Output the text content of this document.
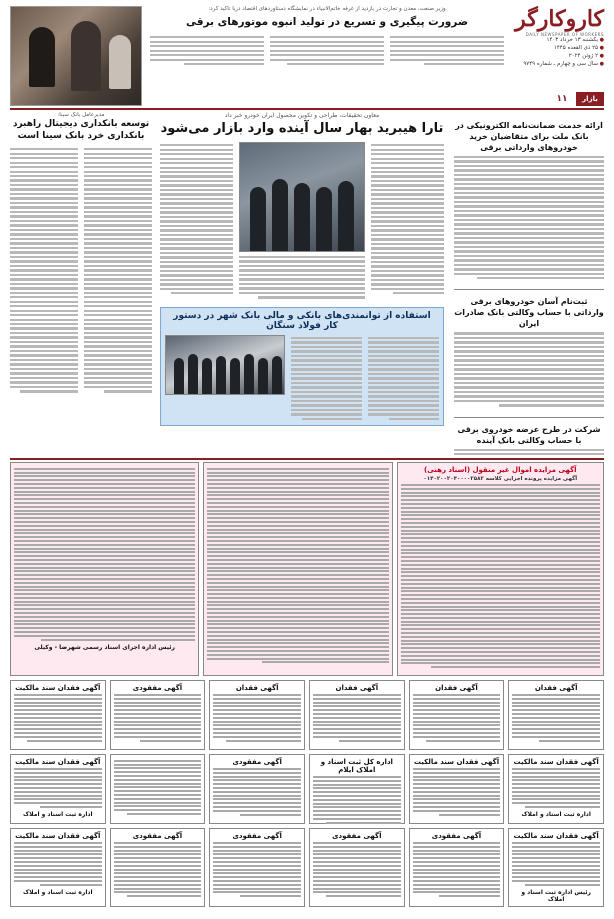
کاروکارگر
DAILY NEWSPAPER OF WORKERS
● یکشنبه ۱۳ خرداد ۱۴۰۳
● ۲۵ ذی القعده ۱۴۴۵
● ۲ ژوئن ۲۰۲۴
● سال سی و چهارم ـ شماره ۹۷۴۹
بازار
۱۱
وزیر صنعت، معدن و تجارت در بازدید از غرفه خاتم‌الانبیاء در نمایشگاه دستاوردهای اقتصاد دریا تاکید کرد:
ضرورت پیگیری و تسریع در تولید انبوه موتورهای برقی
ارائه خدمت ضمانت‌نامه الکترونیکی در بانک ملت برای متقاضیان خرید خودروهای وارداتی برقی
ثبت‌نام آسان خودروهای برقی وارداتی با حساب وکالتی بانک صادرات ایران
شرکت در طرح عرضه خودروی برقی با حساب وکالتی بانک آینده
معاون تحقیقات، طراحی و تکوین محصول ایران خودرو خبر داد
تارا هیبرید بهار سال آینده وارد بازار می‌شود
استفاده از توانمندی‌های بانکی و مالی بانک شهر در دستور کار فولاد سنگان
مدیرعامل بانک سینا:
توسعه بانکداری دیجیتال راهبرد بانکداری خرد بانک سینا است
آگهی مزایده اموال غیر منقول (اسناد رهنی)
آگهی مزایده پرونده اجرایی کلاسه ۰۱۴۰۲۰۰۲۰۴۰۰۰۰۲۵۸۲
رئیس اداره اجرای اسناد رسمی شهرضا - وکیلی
آگهی فقدان
آگهی فقدان
آگهی فقدان
آگهی فقدان
آگهی مفقودی
آگهی فقدان سند مالکیت
آگهی فقدان سند مالکیت
اداره ثبت اسناد و املاک
آگهی فقدان سند مالکیت
اداره کل ثبت اسناد و املاک ایلام
آگهی مفقودی
آگهی فقدان سند مالکیت
اداره ثبت اسناد و املاک
آگهی فقدان سند مالکیت
رئیس اداره ثبت اسناد و املاک
آگهی مفقودی
آگهی مفقودی
آگهی مفقودی
آگهی مفقودی
آگهی فقدان سند مالکیت
اداره ثبت اسناد و املاک
